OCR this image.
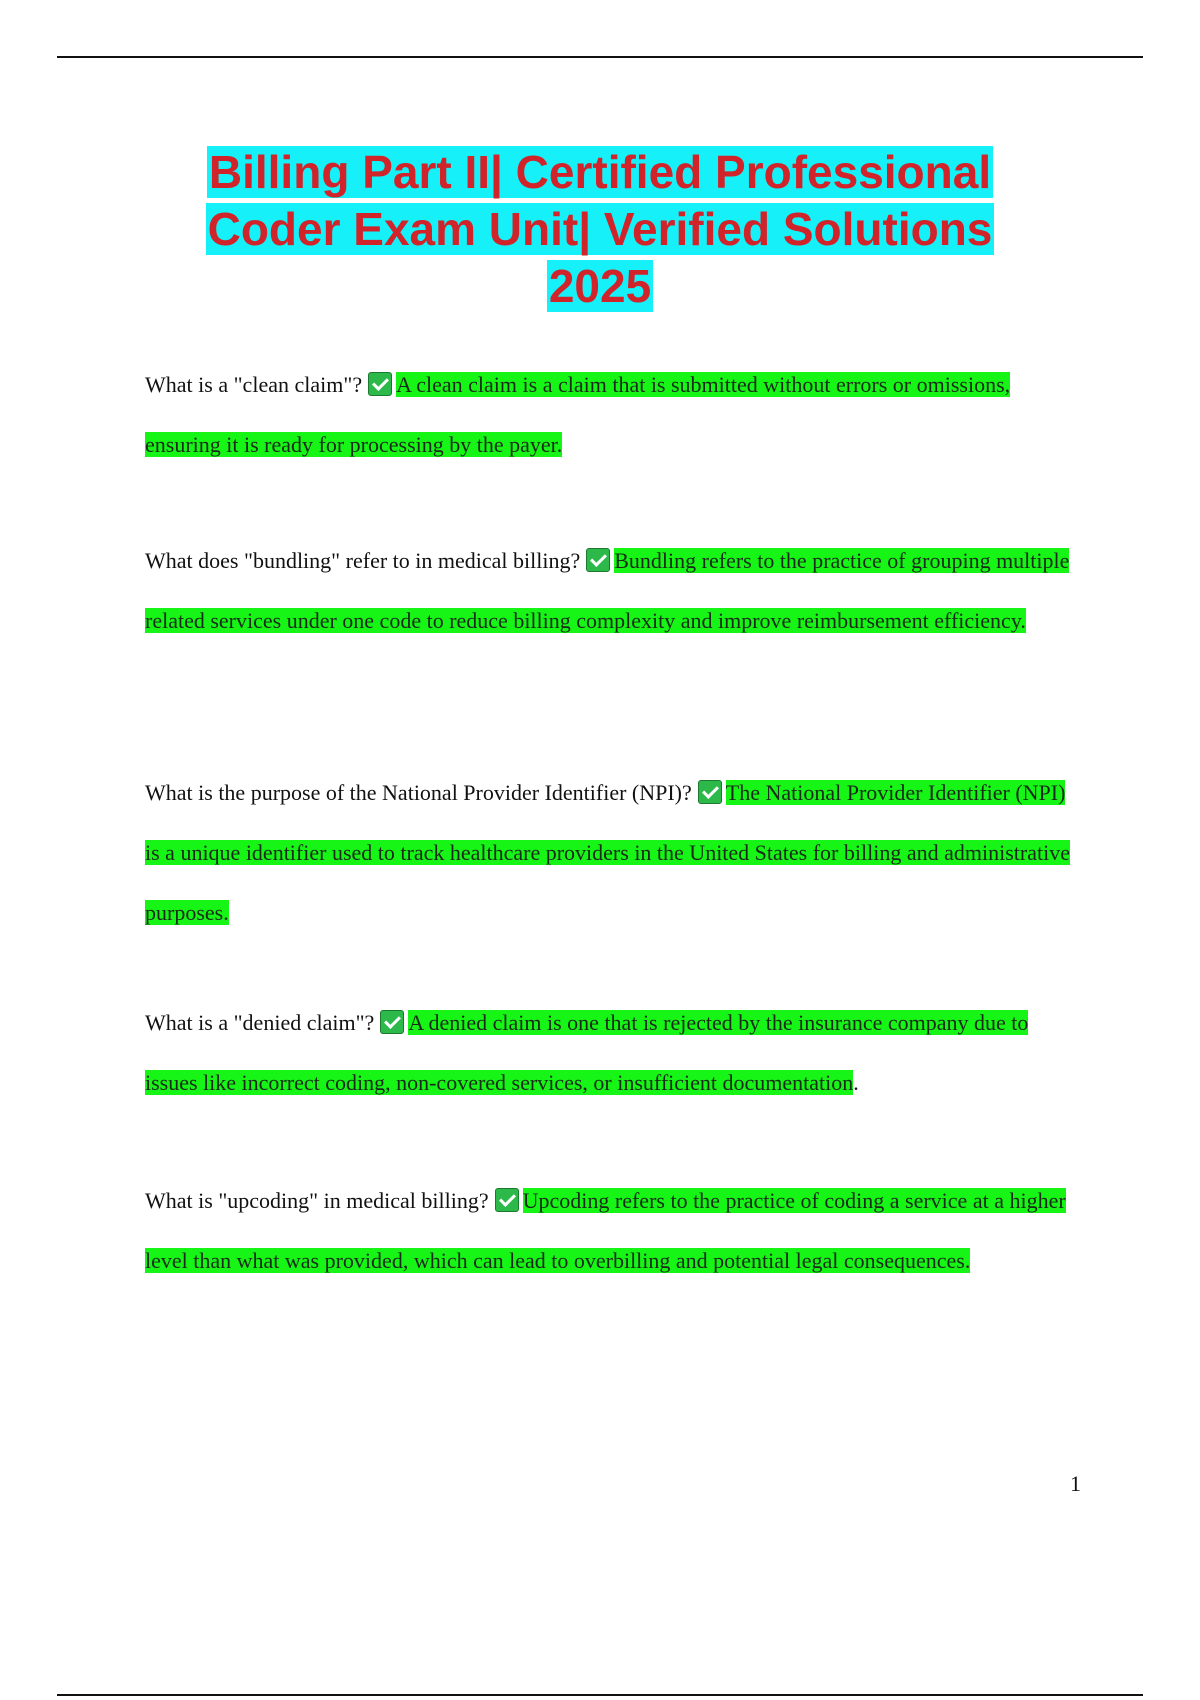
Billing Part II| Certified Professional Coder Exam Unit| Verified Solutions 2025
What is a "clean claim"? A clean claim is a claim that is submitted without errors or omissions, ensuring it is ready for processing by the payer.
What does "bundling" refer to in medical billing? Bundling refers to the practice of grouping multiple related services under one code to reduce billing complexity and improve reimbursement efficiency.
What is the purpose of the National Provider Identifier (NPI)? The National Provider Identifier (NPI) is a unique identifier used to track healthcare providers in the United States for billing and administrative purposes.
What is a "denied claim"? A denied claim is one that is rejected by the insurance company due to issues like incorrect coding, non-covered services, or insufficient documentation.
What is "upcoding" in medical billing? Upcoding refers to the practice of coding a service at a higher level than what was provided, which can lead to overbilling and potential legal consequences.
1
